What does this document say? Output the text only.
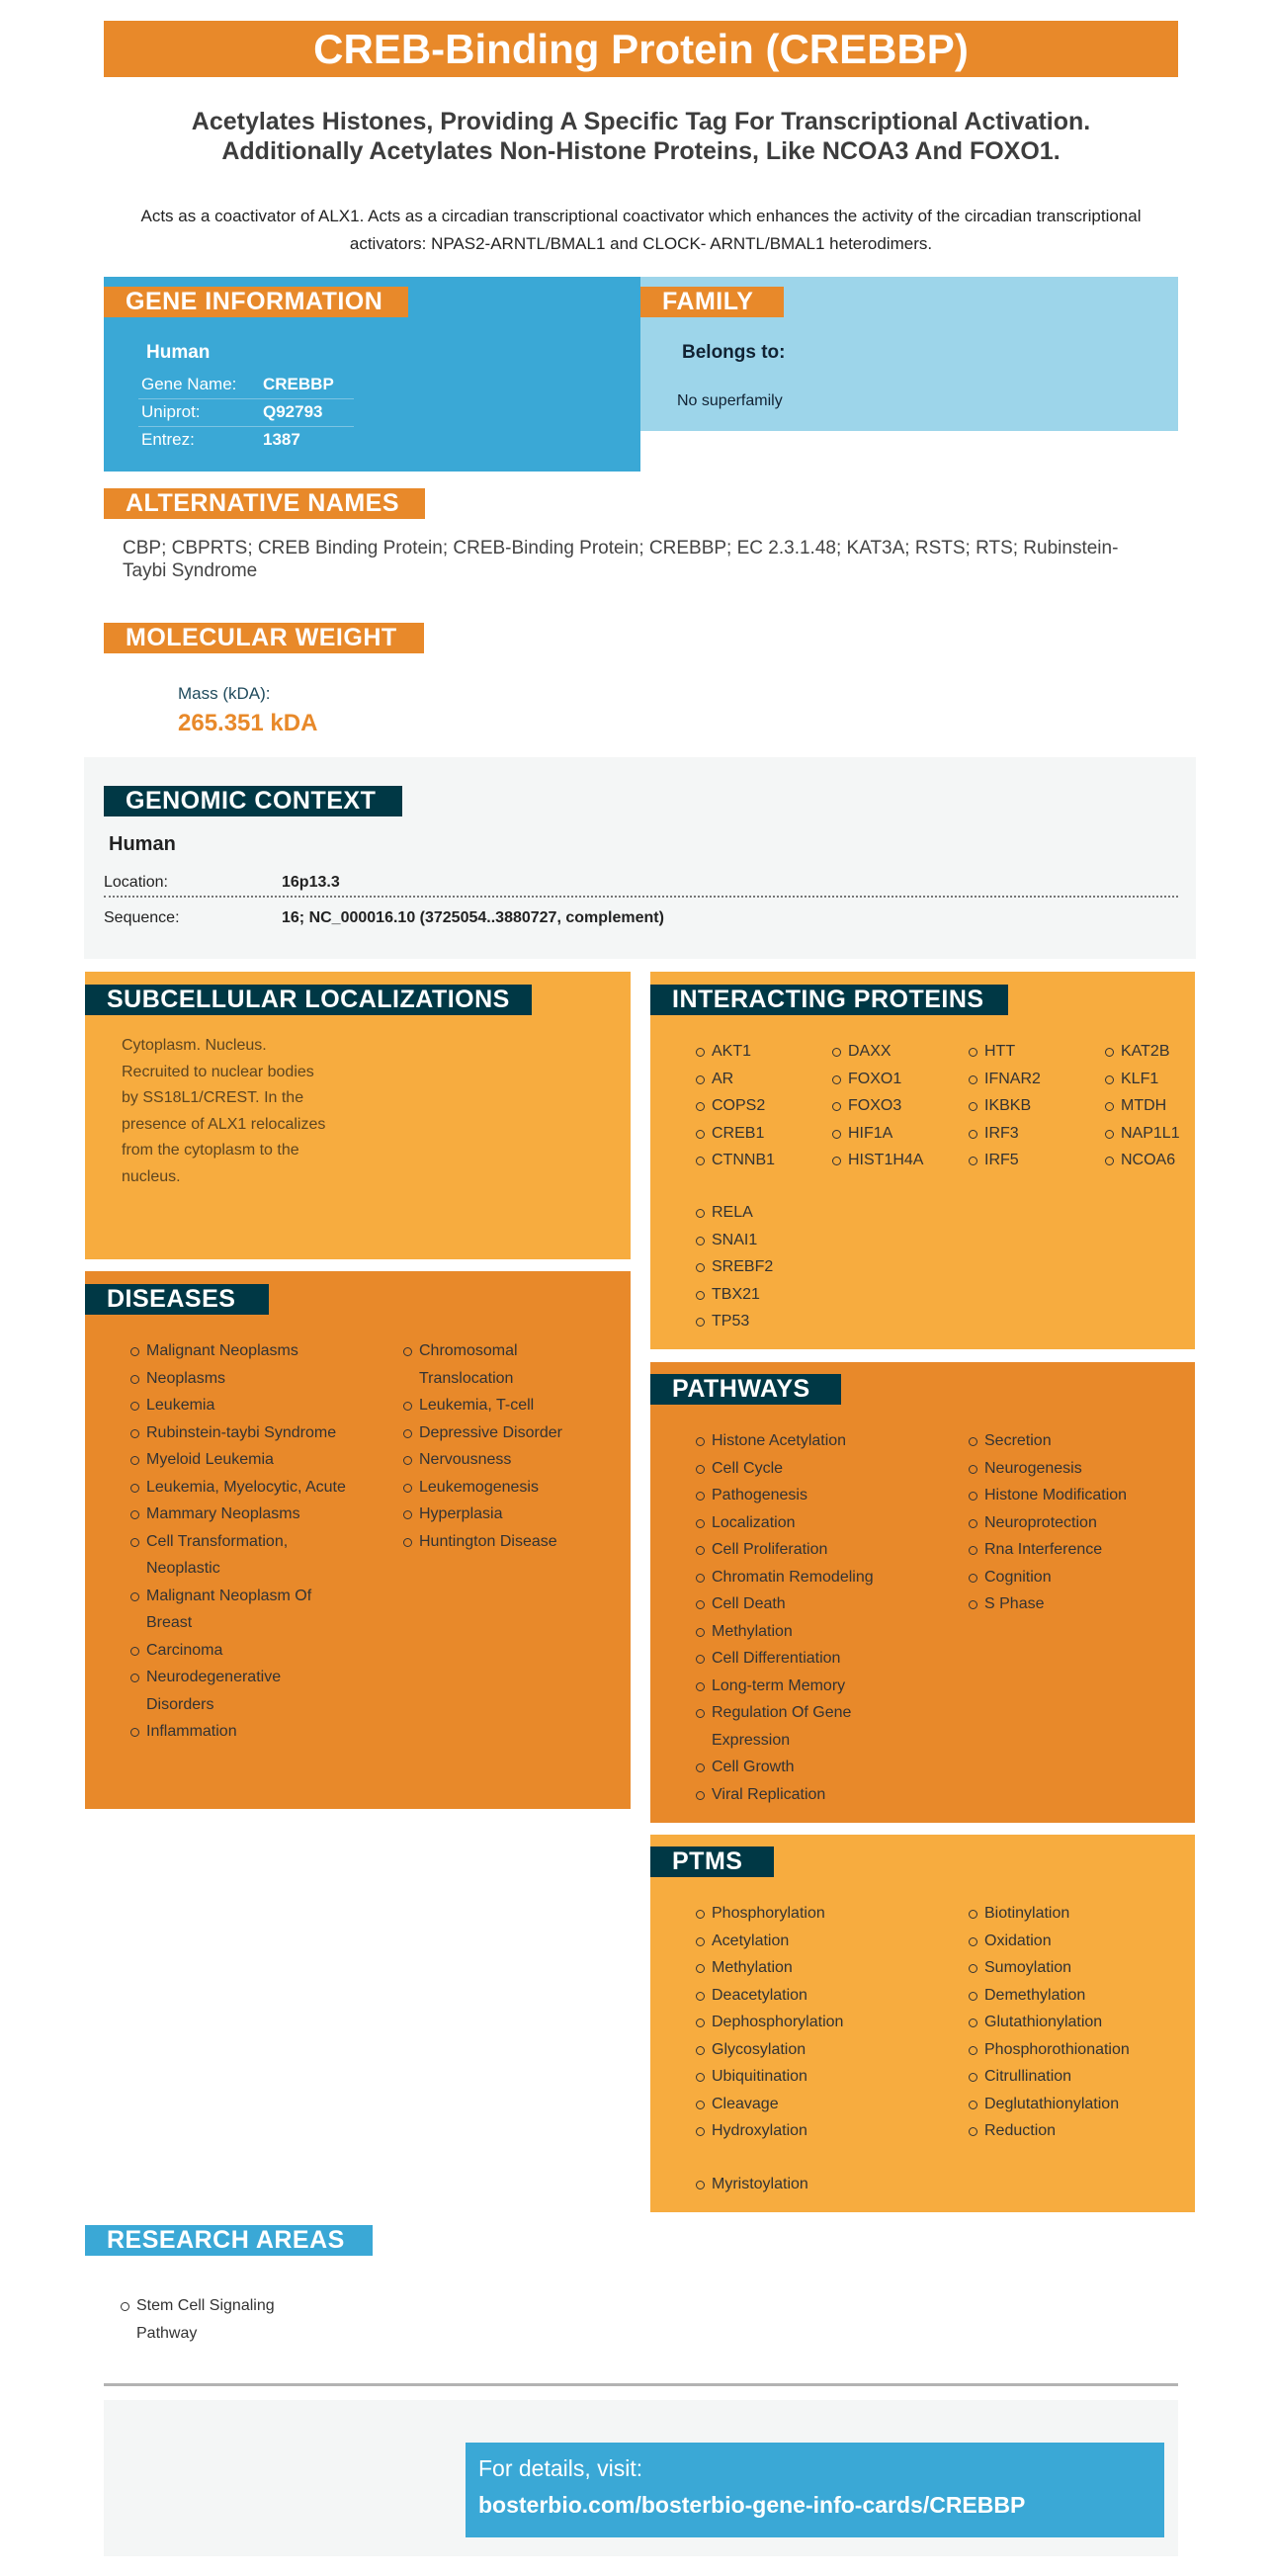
CREB-Binding Protein (CREBBP)
Acetylates Histones, Providing A Specific Tag For Transcriptional Activation.
Additionally Acetylates Non-Histone Proteins, Like NCOA3 And FOXO1.
Acts as a coactivator of ALX1. Acts as a circadian transcriptional coactivator which enhances the activity of the circadian transcriptional activators: NPAS2-ARNTL/BMAL1 and CLOCK- ARNTL/BMAL1 heterodimers.
GENE INFORMATION
Human
Gene Name:	CREBBP
Uniprot:	Q92793
Entrez:	1387
FAMILY
Belongs to:
No superfamily
ALTERNATIVE NAMES
CBP; CBPRTS; CREB Binding Protein; CREB-Binding Protein; CREBBP; EC 2.3.1.48; KAT3A; RSTS; RTS; Rubinstein-Taybi Syndrome
MOLECULAR WEIGHT
Mass (kDA):
265.351 kDA
GENOMIC CONTEXT
Human
Location:	16p13.3
Sequence:	16; NC_000016.10 (3725054..3880727, complement)
SUBCELLULAR LOCALIZATIONS
Cytoplasm. Nucleus. Recruited to nuclear bodies by SS18L1/CREST. In the presence of ALX1 relocalizes from the cytoplasm to the nucleus.
INTERACTING PROTEINS
AKT1
AR
COPS2
CREB1
CTNNB1
DAXX
FOXO1
FOXO3
HIF1A
HIST1H4A
HTT
IFNAR2
IKBKB
IRF3
IRF5
KAT2B
KLF1
MTDH
NAP1L1
NCOA6
RELA
SNAI1
SREBF2
TBX21
TP53
DISEASES
Malignant Neoplasms
Neoplasms
Leukemia
Rubinstein-taybi Syndrome
Myeloid Leukemia
Leukemia, Myelocytic, Acute
Mammary Neoplasms
Cell Transformation, Neoplastic
Malignant Neoplasm Of Breast
Carcinoma
Neurodegenerative Disorders
Inflammation
Chromosomal Translocation
Leukemia, T-cell
Depressive Disorder
Nervousness
Leukemogenesis
Hyperplasia
Huntington Disease
PATHWAYS
Histone Acetylation
Cell Cycle
Pathogenesis
Localization
Cell Proliferation
Chromatin Remodeling
Cell Death
Methylation
Cell Differentiation
Long-term Memory
Regulation Of Gene Expression
Cell Growth
Viral Replication
Secretion
Neurogenesis
Histone Modification
Neuroprotection
Rna Interference
Cognition
S Phase
PTMS
Phosphorylation
Acetylation
Methylation
Deacetylation
Dephosphorylation
Glycosylation
Ubiquitination
Cleavage
Hydroxylation
Biotinylation
Oxidation
Sumoylation
Demethylation
Glutathionylation
Phosphorothionation
Citrullination
Deglutathionylation
Reduction
Myristoylation
RESEARCH AREAS
Stem Cell Signaling Pathway
For details, visit:
bosterbio.com/bosterbio-gene-info-cards/CREBBP
